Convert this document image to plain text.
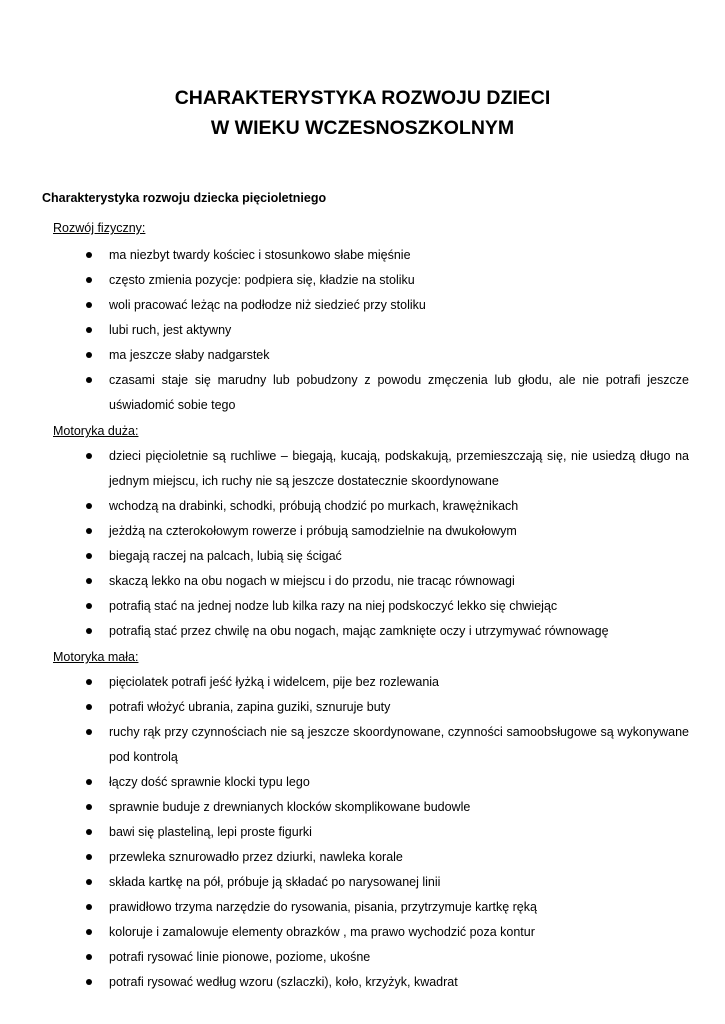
CHARAKTERYSTYKA ROZWOJU DZIECI
W WIEKU WCZESNOSZKOLNYM
Charakterystyka rozwoju dziecka pięcioletniego
Rozwój fizyczny:
ma niezbyt twardy kościec i stosunkowo słabe mięśnie
często zmienia pozycje: podpiera się, kładzie na stoliku
woli pracować leżąc na podłodze niż siedzieć przy stoliku
lubi ruch, jest aktywny
ma jeszcze słaby nadgarstek
czasami staje się marudny lub pobudzony z powodu zmęczenia lub głodu, ale nie potrafi jeszcze uświadomić sobie tego
Motoryka duża:
dzieci pięcioletnie są ruchliwe – biegają, kucają, podskakują, przemieszczają się, nie usiedzą długo na jednym miejscu, ich ruchy nie są jeszcze dostatecznie skoordynowane
wchodzą na drabinki, schodki, próbują chodzić po murkach, krawężnikach
jeżdżą na czterokołowym rowerze i próbują samodzielnie na dwukołowym
biegają raczej na palcach, lubią się ścigać
skaczą lekko na obu nogach w miejscu i do przodu, nie tracąc równowagi
potrafią stać na jednej nodze lub kilka razy na niej podskoczyć lekko się chwiejąc
potrafią stać przez chwilę na obu nogach, mając zamknięte oczy i utrzymywać równowagę
Motoryka mała:
pięciolatek potrafi jeść łyżką i widelcem, pije bez rozlewania
potrafi włożyć ubrania, zapina guziki, sznuruje buty
ruchy rąk przy czynnościach nie są jeszcze skoordynowane, czynności samoobsługowe są wykonywane pod kontrolą
łączy dość sprawnie klocki typu lego
sprawnie buduje z drewnianych klocków skomplikowane budowle
bawi się plasteliną, lepi proste figurki
przewleka sznurowadło przez dziurki, nawleka korale
składa kartkę na pół, próbuje ją składać po narysowanej linii
prawidłowo trzyma narzędzie do rysowania, pisania, przytrzymuje kartkę ręką
koloruje i zamalowuje elementy obrazków , ma prawo wychodzić poza kontur
potrafi rysować linie pionowe, poziome, ukośne
potrafi rysować według wzoru (szlaczki), koło, krzyżyk, kwadrat
